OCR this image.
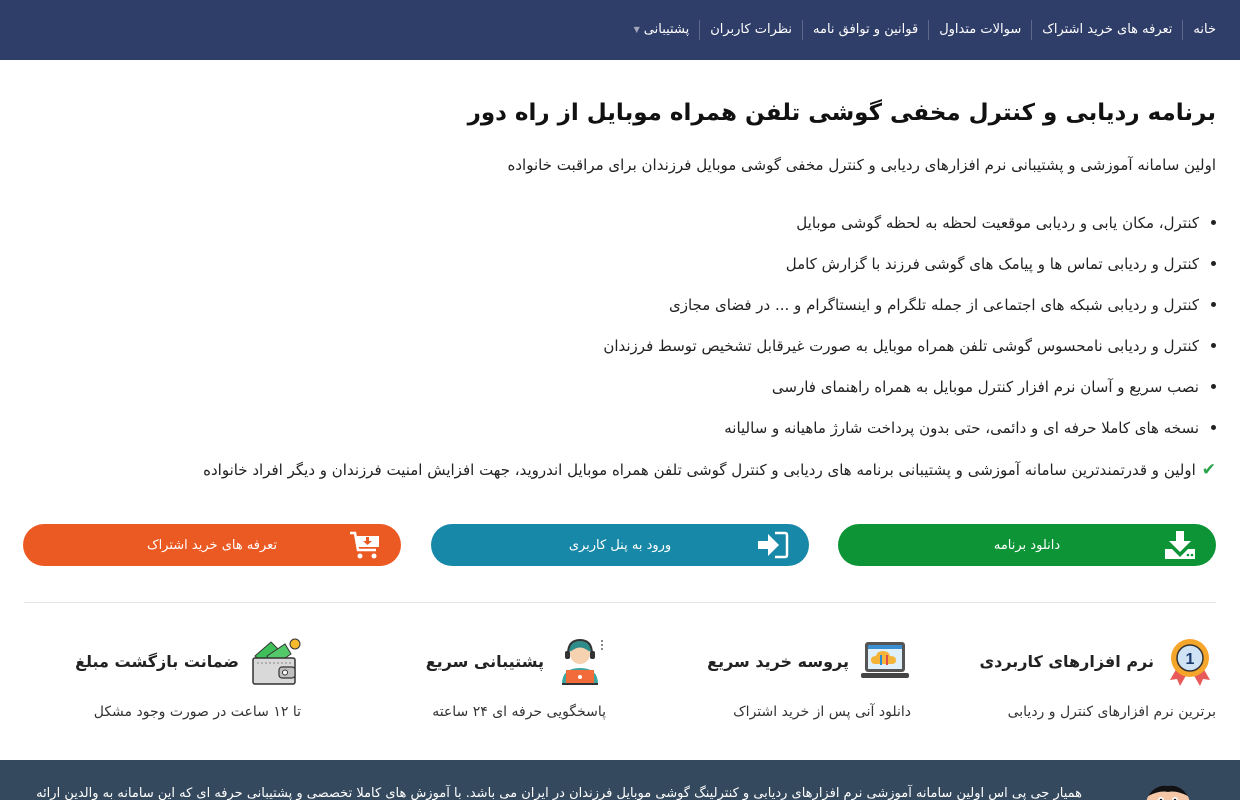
خانه
تعرفه های خرید اشتراک
سوالات متداول
قوانین و توافق نامه
نظرات کاربران
پشتیبانی
▼
برنامه ردیابی و کنترل مخفی گوشی تلفن همراه موبایل از راه دور

اولین سامانه آموزشی و پشتیبانی نرم افزارهای ردیابی و کنترل مخفی گوشی موبایل فرزندان برای مراقبت خانواده

کنترل، مکان یابی و ردیابی موقعیت لحظه به لحظه گوشی موبایل
کنترل و ردیابی تماس ها و پیامک های گوشی فرزند با گزارش کامل
کنترل و ردیابی شبکه های اجتماعی از جمله تلگرام و اینستاگرام و ... در فضای مجازی
کنترل و ردیابی نامحسوس گوشی تلفن همراه موبایل به صورت غیرقابل تشخیص توسط فرزندان
نصب سریع و آسان نرم افزار کنترل موبایل به همراه راهنمای فارسی
نسخه های کاملا حرفه ای و دائمی، حتی بدون پرداخت شارژ ماهیانه و سالیانه

✔
اولین و قدرتمندترین سامانه آموزشی و پشتیبانی برنامه های ردیابی و کنترل گوشی تلفن همراه موبایل اندروید، جهت افزایش امنیت فرزندان و دیگر افراد خانواده

دانلود برنامه
ورود به پنل کاربری
تعرفه های خرید اشتراک
1
نرم افزارهای کاربردی
برترین نرم افزارهای کنترل و ردیابی
پروسه خرید سریع
دانلود آنی پس از خرید اشتراک
پشتیبانی سریع
پاسخگویی حرفه ای ۲۴ ساعته
ضمانت بازگشت مبلغ
تا ۱۲ ساعت در صورت وجود مشکل

همیار جی پی اس اولین سامانه آموزشی نرم افزارهای ردیابی و کنترلینگ گوشی موبایل فرزندان در ایران می باشد. با آموزش های کاملا تخصصی و پشتیبانی حرفه ای که این سامانه به والدین ارائه
